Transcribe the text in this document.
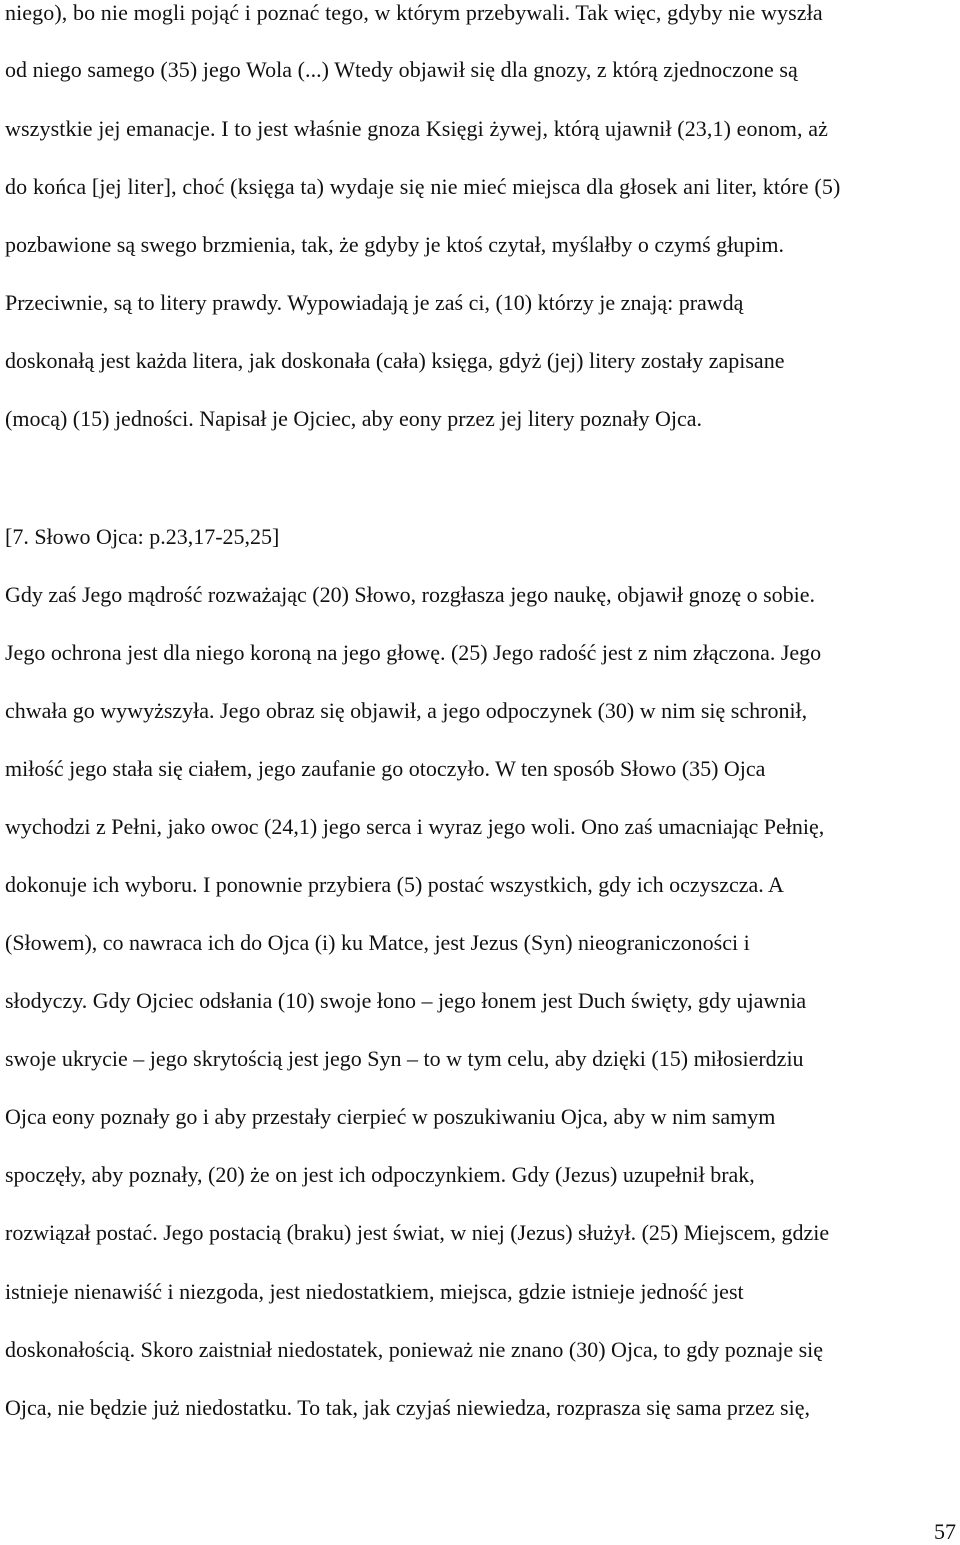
niego), bo nie mogli pojąć i poznać tego, w którym przebywali. Tak więc, gdyby nie wyszła
od niego samego (35) jego Wola (...) Wtedy objawił się dla gnozy, z którą zjednoczone są
wszystkie jej emanacje. I to jest właśnie gnoza Księgi żywej, którą ujawnił (23,1) eonom, aż
do końca [jej liter], choć (księga ta) wydaje się nie mieć miejsca dla głosek ani liter, które (5)
pozbawione są swego brzmienia, tak, że gdyby je ktoś czytał, myślałby o czymś głupim.
Przeciwnie, są to litery prawdy. Wypowiadają je zaś ci, (10) którzy je znają: prawdą
doskonałą jest każda litera, jak doskonała (cała) księga, gdyż (jej) litery zostały zapisane
(mocą) (15) jedności. Napisał je Ojciec, aby eony przez jej litery poznały Ojca.
[7. Słowo Ojca: p.23,17-25,25]
Gdy zaś Jego mądrość rozważając (20) Słowo, rozgłasza jego naukę, objawił gnozę o sobie.
Jego ochrona jest dla niego koroną na jego głowę. (25) Jego radość jest z nim złączona. Jego
chwała go wywyższyła. Jego obraz się objawił, a jego odpoczynek (30) w nim się schronił,
miłość jego stała się ciałem, jego zaufanie go otoczyło. W ten sposób Słowo (35) Ojca
wychodzi z Pełni, jako owoc (24,1) jego serca i wyraz jego woli. Ono zaś umacniając Pełnię,
dokonuje ich wyboru. I ponownie przybiera (5) postać wszystkich, gdy ich oczyszcza. A
(Słowem), co nawraca ich do Ojca (i) ku Matce, jest Jezus (Syn) nieograniczoności i
słodyczy. Gdy Ojciec odsłania (10) swoje łono – jego łonem jest Duch święty, gdy ujawnia
swoje ukrycie – jego skrytością jest jego Syn – to w tym celu, aby dzięki (15) miłosierdziu
Ojca eony poznały go i aby przestały cierpieć w poszukiwaniu Ojca, aby w nim samym
spoczęły, aby poznały, (20) że on jest ich odpoczynkiem. Gdy (Jezus) uzupełnił brak,
rozwiązał postać. Jego postacią (braku) jest świat, w niej (Jezus) służył. (25) Miejscem, gdzie
istnieje nienawiść i niezgoda, jest niedostatkiem, miejsca, gdzie istnieje jedność jest
doskonałością. Skoro zaistniał niedostatek, ponieważ nie znano (30) Ojca, to gdy poznaje się
Ojca, nie będzie już niedostatku. To tak, jak czyjaś niewiedza, rozprasza się sama przez się,
57
